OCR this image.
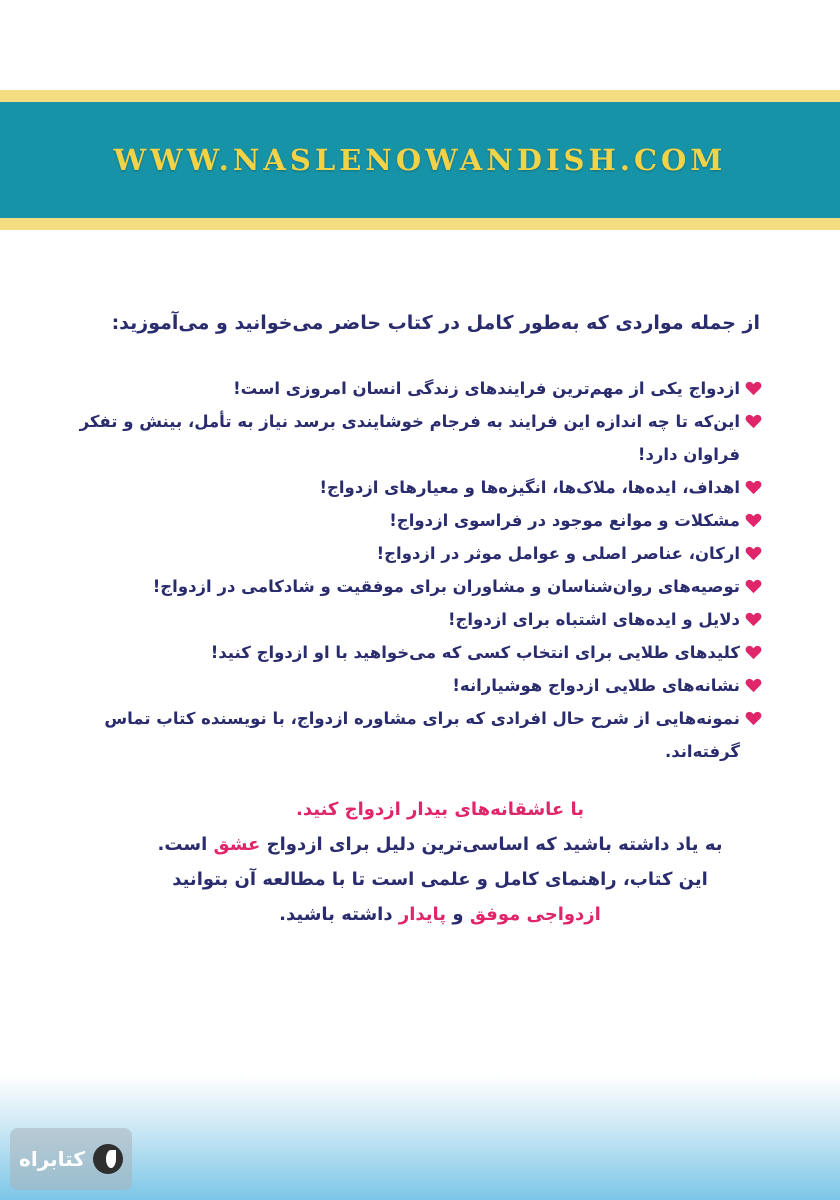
WWW.NASLENOWANDISH.COM
از جمله مواردی که به‌طور کامل در کتاب حاضر می‌خوانید و می‌آموزید:
ازدواج یکی از مهم‌ترین فرایندهای زندگی انسان امروزی است!
این‌که تا چه اندازه این فرایند به فرجام خوشایندی برسد نیاز به تأمل، بینش و تفکر فراوان دارد!
اهداف، ایده‌ها، ملاک‌ها، انگیزه‌ها و معیارهای ازدواج!
مشکلات و موانع موجود در فراسوی ازدواج!
ارکان، عناصر اصلی و عوامل موثر در ازدواج!
توصیه‌های روان‌شناسان و مشاوران برای موفقیت و شادکامی در ازدواج!
دلایل و ایده‌های اشتباه برای ازدواج!
کلیدهای طلایی برای انتخاب کسی که می‌خواهید با او ازدواج کنید!
نشانه‌های طلایی ازدواج هوشیارانه!
نمونه‌هایی از شرح حال افرادی که برای مشاوره ازدواج، با نویسنده کتاب تماس گرفته‌اند.
با عاشقانه‌های بیدار ازدواج کنید.
به یاد داشته باشید که اساسی‌ترین دلیل برای ازدواج عشق است.
این کتاب، راهنمای کامل و علمی است تا با مطالعه آن بتوانید
ازدواجی موفق و پایدار داشته باشید.
کتابراه
